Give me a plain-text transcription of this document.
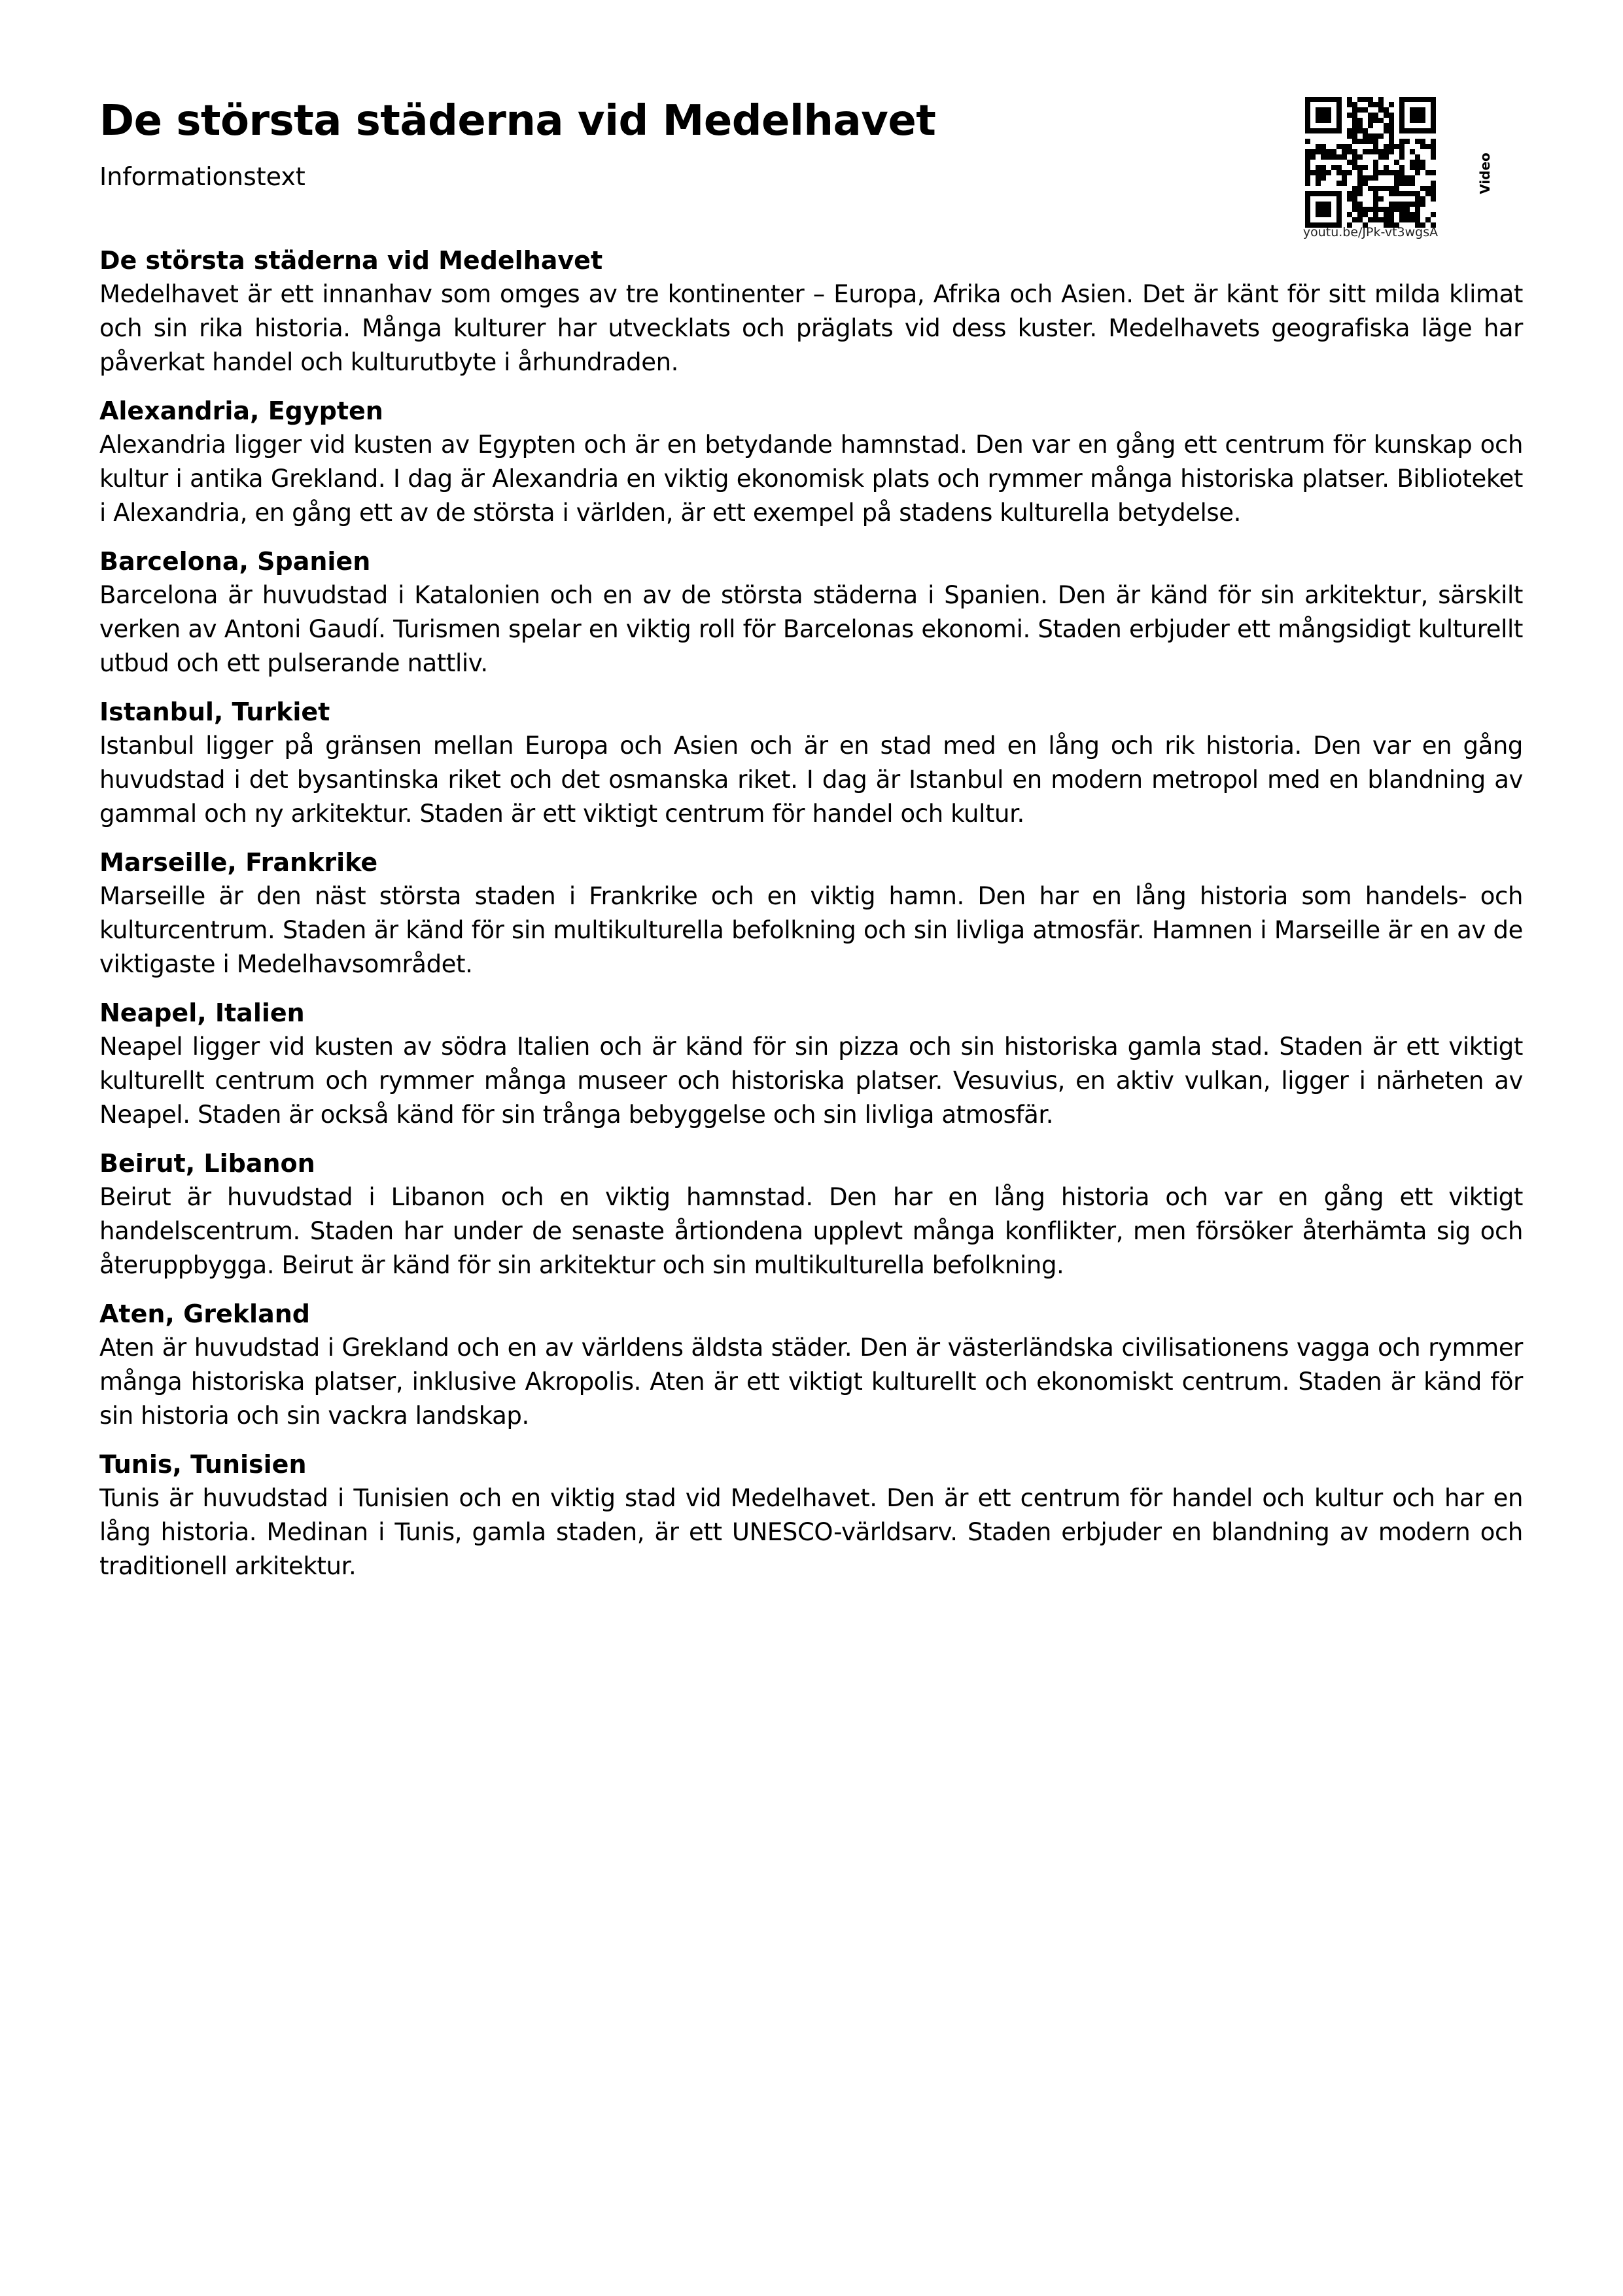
De största städerna vid Medelhavet
Informationstext
youtu.be/JPk-vt3wgsA
Video
De största städerna vid Medelhavet

Medelhavet är ett innanhav som omges av tre kontinenter – Europa, Afrika och Asien. Det är känt för sitt milda klimat och sin rika historia. Många kulturer har utvecklats och präglats vid dess kuster. Medelhavets geografiska läge har påverkat handel och kulturutbyte i århundraden.

Alexandria, Egypten

Alexandria ligger vid kusten av Egypten och är en betydande hamnstad. Den var en gång ett centrum för kunskap och kultur i antika Grekland. I dag är Alexandria en viktig ekonomisk plats och rymmer många historiska platser. Biblioteket i Alexandria, en gång ett av de största i världen, är ett exempel på stadens kulturella betydelse.

Barcelona, Spanien

Barcelona är huvudstad i Katalonien och en av de största städerna i Spanien. Den är känd för sin arkitektur, särskilt verken av Antoni Gaudí. Turismen spelar en viktig roll för Barcelonas ekonomi. Staden erbjuder ett mångsidigt kulturellt utbud och ett pulserande nattliv.

Istanbul, Turkiet

Istanbul ligger på gränsen mellan Europa och Asien och är en stad med en lång och rik historia. Den var en gång huvudstad i det bysantinska riket och det osmanska riket. I dag är Istanbul en modern metropol med en blandning av gammal och ny arkitektur. Staden är ett viktigt centrum för handel och kultur.

Marseille, Frankrike

Marseille är den näst största staden i Frankrike och en viktig hamn. Den har en lång historia som handels- och kulturcentrum. Staden är känd för sin multikulturella befolkning och sin livliga atmosfär. Hamnen i Marseille är en av de viktigaste i Medelhavsområdet.

Neapel, Italien

Neapel ligger vid kusten av södra Italien och är känd för sin pizza och sin historiska gamla stad. Staden är ett viktigt kulturellt centrum och rymmer många museer och historiska platser. Vesuvius, en aktiv vulkan, ligger i närheten av Neapel. Staden är också känd för sin trånga bebyggelse och sin livliga atmosfär.

Beirut, Libanon

Beirut är huvudstad i Libanon och en viktig hamnstad. Den har en lång historia och var en gång ett viktigt handelscentrum. Staden har under de senaste årtiondena upplevt många konflikter, men försöker återhämta sig och återuppbygga. Beirut är känd för sin arkitektur och sin multikulturella befolkning.

Aten, Grekland

Aten är huvudstad i Grekland och en av världens äldsta städer. Den är västerländska civilisationens vagga och rymmer många historiska platser, inklusive Akropolis. Aten är ett viktigt kulturellt och ekonomiskt centrum. Staden är känd för sin historia och sin vackra landskap.

Tunis, Tunisien

Tunis är huvudstad i Tunisien och en viktig stad vid Medelhavet. Den är ett centrum för handel och kultur och har en lång historia. Medinan i Tunis, gamla staden, är ett UNESCO-världsarv. Staden erbjuder en blandning av modern och traditionell arkitektur.
